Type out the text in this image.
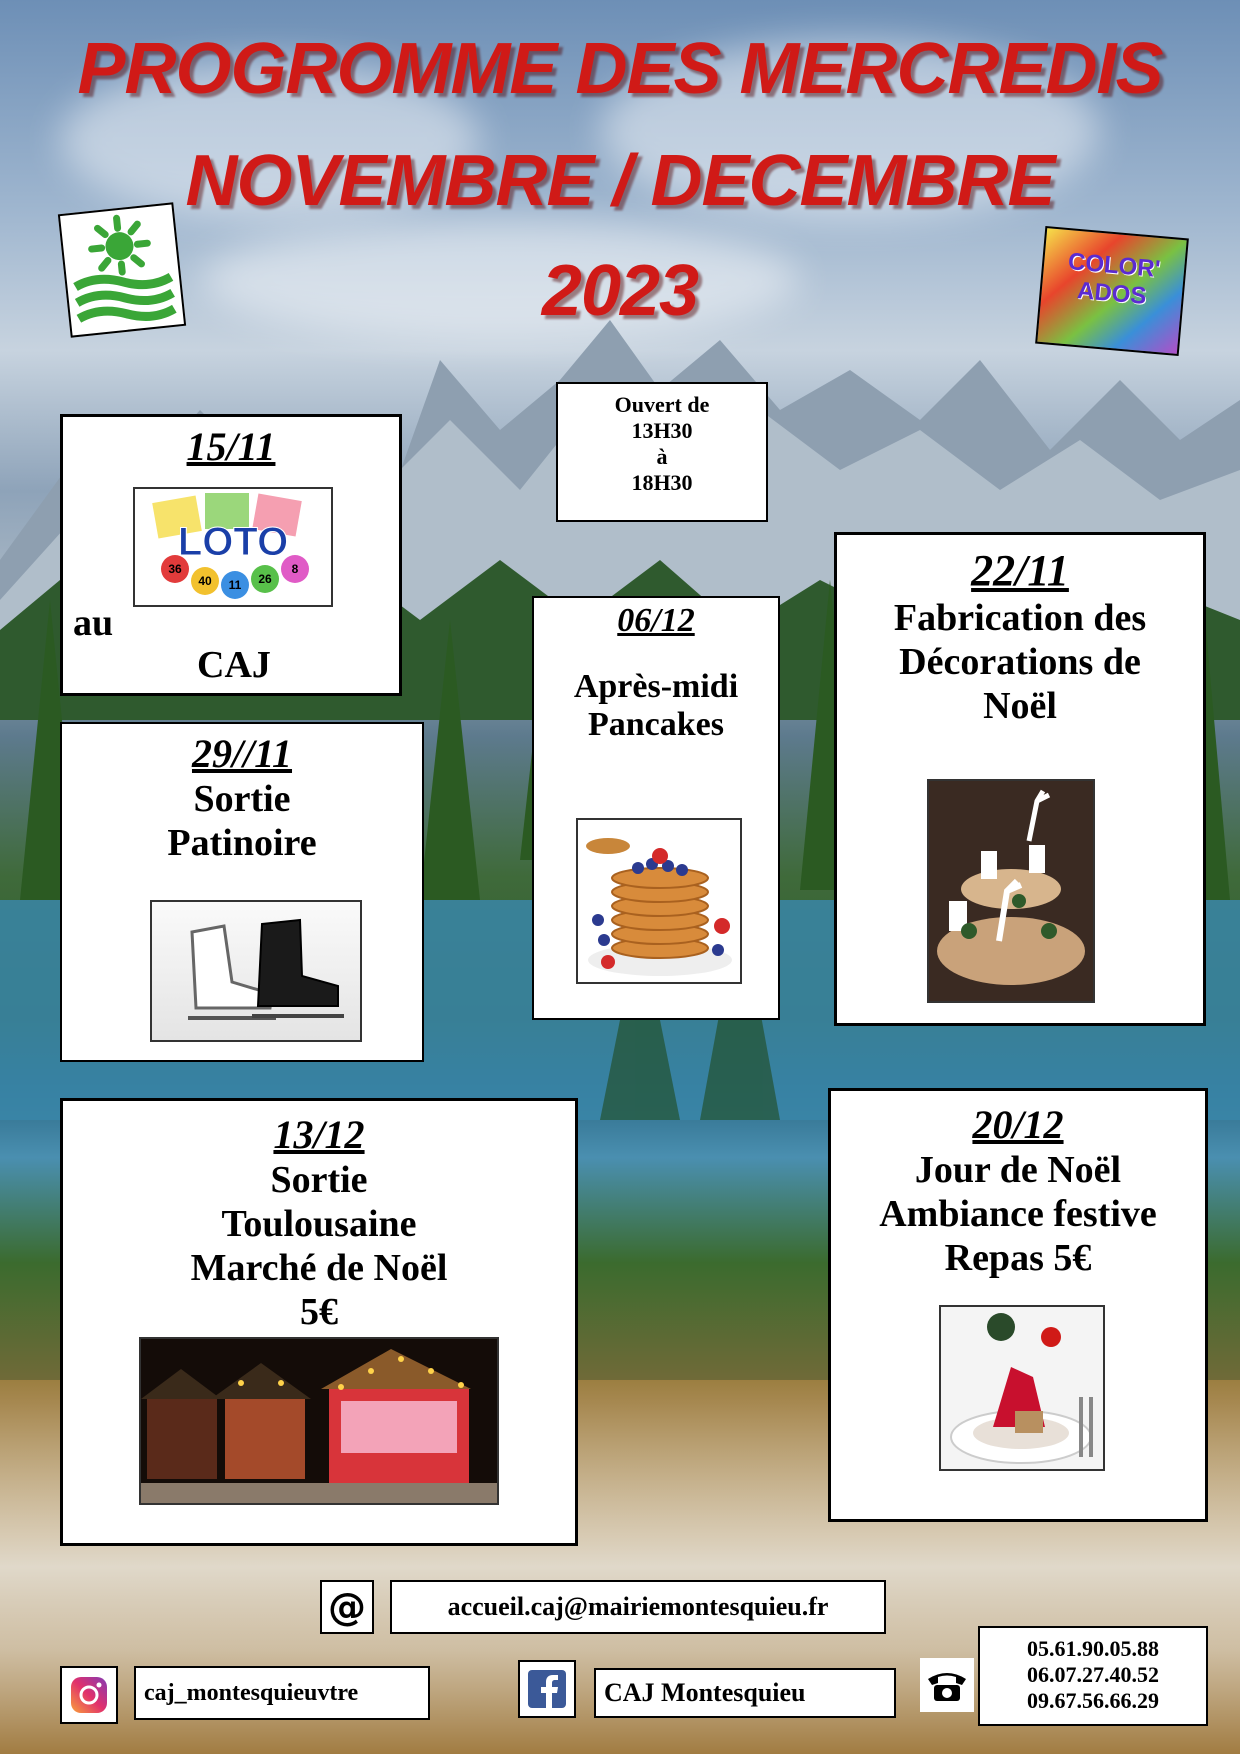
PROGROMME DES MERCREDIS
NOVEMBRE / DECEMBRE
2023	COLOR' ADOS
Ouvert de
13H30
à
18H30
15/11
LOTO
40 11 26
8
36
au
CAJ
22/11
Fabrication des
Décorations de
Noël
06/12
Après-midi
Pancakes
29//11
Sortie
Patinoire
13/12
Sortie
Toulousaine
Marché de Noël
5€
20/12
Jour de Noël
Ambiance festive
Repas 5€
@	accueil.caj@mairiemontesquieu.fr
caj_montesquieuvtre	CAJ Montesquieu
05.61.90.05.88
06.07.27.40.52
09.67.56.66.29
